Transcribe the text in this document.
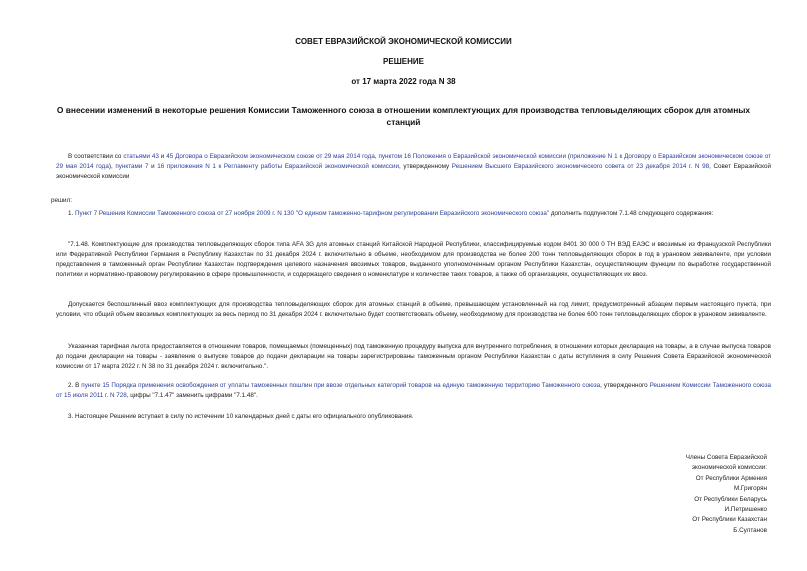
СОВЕТ ЕВРАЗИЙСКОЙ ЭКОНОМИЧЕСКОЙ КОМИССИИ
РЕШЕНИЕ
от 17 марта 2022 года N 38
О внесении изменений в некоторые решения Комиссии Таможенного союза в отношении комплектующих для производства тепловыделяющих сборок для атомных станций

В соответствии со статьями 43 и 45 Договора о Евразийском экономическом союзе от 29 мая 2014 года, пунктом 16 Положения о Евразийской экономической комиссии (приложение N 1 к Договору о Евразийском экономическом союзе от 29 мая 2014 года), пунктами 7 и 16 приложения N 1 к Регламенту работы Евразийской экономической комиссии, утвержденному Решением Высшего Евразийского экономического совета от 23 декабря 2014 г. N 98, Совет Евразийской экономической комиссии

решил:

1. Пункт 7 Решения Комиссии Таможенного союза от 27 ноября 2009 г. N 130 "О едином таможенно-тарифном регулировании Евразийского экономического союза" дополнить подпунктом 7.1.48 следующего содержания:

"7.1.48. Комплектующие для производства тепловыделяющих сборок типа AFA 3G для атомных станций Китайской Народной Республики, классифицируемые кодом 8401 30 000 0 ТН ВЭД ЕАЭС и ввозимые из Французской Республики или Федеративной Республики Германия в Республику Казахстан по 31 декабря 2024 г. включительно в объеме, необходимом для производства не более 200 тонн тепловыделяющих сборок в год в урановом эквиваленте, при условии представления в таможенный орган Республики Казахстан подтверждения целевого назначения ввозимых товаров, выданного уполномоченным органом Республики Казахстан, осуществляющим функции по выработке государственной политики и нормативно-правовому регулированию в сфере промышленности, и содержащего сведения о номенклатуре и количестве таких товаров, а также об организациях, осуществляющих их ввоз.

Допускается беспошлинный ввоз комплектующих для производства тепловыделяющих сборок для атомных станций в объеме, превышающем установленный на год лимит, предусмотренный абзацем первым настоящего пункта, при условии, что общий объем ввозимых комплектующих за весь период по 31 декабря 2024 г. включительно будет соответствовать объему, необходимому для производства не более 600 тонн тепловыделяющих сборок в урановом эквиваленте.

Указанная тарифная льгота предоставляется в отношении товаров, помещаемых (помещенных) под таможенную процедуру выпуска для внутреннего потребления, в отношении которых декларация на товары, а в случае выпуска товаров до подачи декларации на товары - заявление о выпуске товаров до подачи декларации на товары зарегистрированы таможенным органом Республики Казахстан с даты вступления в силу Решения Совета Евразийской экономической комиссии от 17 марта 2022 г. N 38 по 31 декабря 2024 г. включительно.".

2. В пункте 15 Порядка применения освобождения от уплаты таможенных пошлин при ввозе отдельных категорий товаров на единую таможенную территорию Таможенного союза, утвержденного Решением Комиссии Таможенного союза от 15 июля 2011 г. N 728, цифры "7.1.47" заменить цифрами "7.1.48".

3. Настоящее Решение вступает в силу по истечении 10 календарных дней с даты его официального опубликования.

Члены Совета Евразийской
экономической комиссии:
От Республики Армения
М.Григорян
От Республики Беларусь
И.Петришенко
От Республики Казахстан
Б.Султанов
